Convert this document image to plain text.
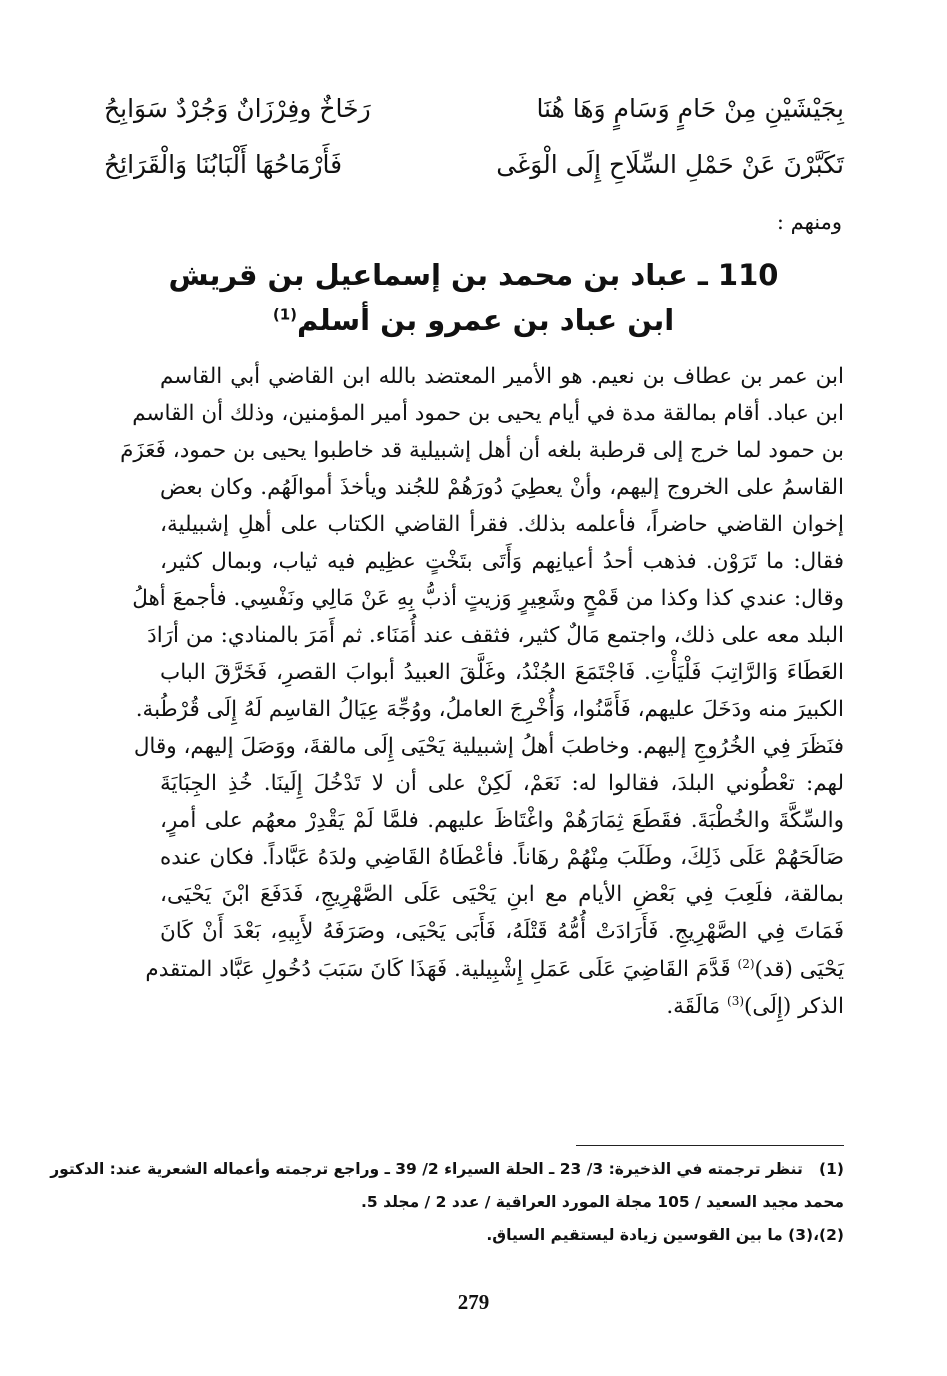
بِجَيْشَيْنِ مِنْ حَامٍ وَسَامٍ وَهَا هُنَا
رَخَاخٌ وفِرْزَانٌ وَجُرْدٌ سَوَابِحُ
تَكَبَّرْنَ عَنْ حَمْلِ السِّلَاحِ إِلَى الْوَغَى
فَأَرْمَاحُهَا أَلْبَابُنَا وَالْقَرَائِحُ
ومنهم :
110 ـ عباد بن محمد بن إسماعيل بن قريش
ابن عباد بن عمرو بن أسلم$^{(1)}$
ابن عمر بن عطاف بن نعيم. هو الأمير المعتضد بالله ابن القاضي أبي القاسم
ابن عباد. أقام بمالقة مدة في أيام يحيى بن حمود أمير المؤمنين، وذلك أن القاسم
بن حمود لما خرج إلى قرطبة بلغه أن أهل إشبيلية قد خاطبوا يحيى بن حمود، فَعَزَمَ
القاسمُ على الخروج إليهم، وأنْ يعطِيَ دُورَهُمْ للجُند ويأخذَ أموالَهُم. وكان بعض
إخوان القاضي حاضراً، فأعلمه بذلك. فقرأ القاضي الكتاب على أهلِ إشبيلية،
فقال: ما تَرَوْن. فذهب أحدُ أعيانِهم وَأَتَى بتَخْتٍ عظِيم فيه ثياب، وبمال كثير،
وقال: عندي كذا وكذا من قَمْحٍ وشَعِيرٍ وَزيتٍ أذبُّ بِهِ عَنْ مَالِي ونَفْسِي. فأجمعَ أهلُ
البلد معه على ذلك، واجتمع مَالٌ كثير، فثقف عند أُمَنَاء. ثم أَمَرَ بالمنادي: من أرَادَ
العَطَاءَ وَالرَّاتِبَ فَلْيَأْتِ. فَاجْتَمَعَ الجُنْدُ، وغَلَّقَ العبيدُ أبوابَ القصرِ، فَخَرَّقَ الباب
الكبيرَ منه ودَخَلَ عليهم، فَأَمَّنُوا، وَأُخْرِجَ العاملُ، ووُجِّهَ عِيَالُ القاسِم لَهُ إِلَى قُرْطُبة.
فنَظَرَ فِي الخُرُوجِ إليهم. وخاطبَ أهلُ إشبيلية يَحْيَى إِلَى مالقةَ، ووَصَلَ إليهم، وقال
لهم: تعْطُوني البلدَ، فقالوا له: نَعَمْ، لَكِنْ على أن لا تَدْخُلَ إِلَينَا. خُذِ الجِبَايَةَ
والسِّكَّةَ والخُطْبَةَ. فقَطَعَ ثِمَارَهُمْ واغْتَاظَ عليهم. فلمَّا لَمْ يَقْدِرْ معهُم على أمرٍ،
صَالَحَهُمْ عَلَى ذَلِكَ، وطَلَبَ مِنْهُمْ رهَاناً. فأعْطَاهُ القَاضِي ولدَهُ عَبَّاداً. فكان عنده
بمالقة، فلَعِبَ فِي بَعْضِ الأيام مع ابنِ يَحْيَى عَلَى الصَّهْرِيجِ، فَدَفَعَ ابْنَ يَحْيَى،
فَمَاتَ فِي الصَّهْرِيجِ. فَأَرَادَتْ أُمُّهُ قَتْلَهُ، فَأَبَى يَحْيَى، وصَرَفَهُ لأَبِيهِ، بَعْدَ أَنْ كَانَ
يَحْيَى (قد)$^{(2)}$ قَدَّمَ القَاضِيَ عَلَى عَمَلِ إِشْبِيلية. فَهَذَا كَانَ سَبَبَ دُخُولِ عَبَّاد المتقدم
الذكر (إِلَى)$^{(3)}$ مَالَقَة.
(1)   تنظر ترجمته في الذخيرة: 3/ 23 ـ الحلة السيراء 2/ 39 ـ وراجع ترجمته وأعماله الشعرية عند: الدكتور
محمد مجيد السعيد / 105 مجلة المورد العراقية / عدد 2 / مجلد 5.
(2)،(3) ما بين القوسين زيادة ليستقيم السياق.
279
